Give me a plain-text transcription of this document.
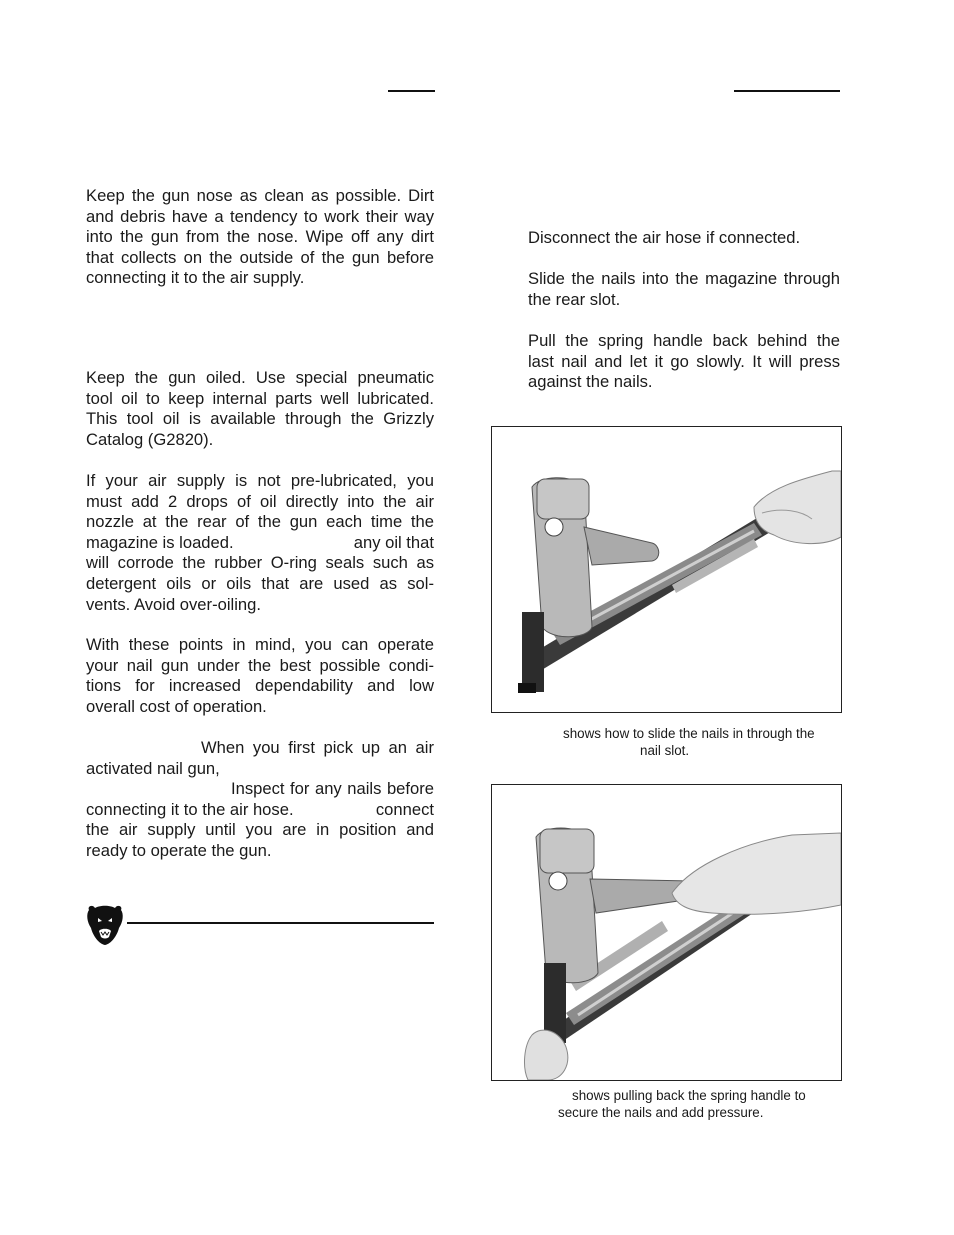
Keep the gun nose as clean as possible. Dirt
and debris have a tendency to work their way
into the gun from the nose. Wipe off any dirt
that collects on the outside of the gun before
connecting it to the air supply.
Keep the gun oiled. Use special pneumatic
tool oil to keep internal parts well lubricated.
This tool oil is available through the Grizzly
Catalog (G2820).
If your air supply is not pre-lubricated, you
must add 2 drops of oil directly into the air
nozzle at the rear of the gun each time the
magazine is loaded.	any oil that
will corrode the rubber O-ring seals such as
detergent oils or oils that are used as sol-
vents. Avoid over-oiling.
With these points in mind, you can operate
your nail gun under the best possible condi-
tions for increased dependability and low
overall cost of operation.
When you first pick up an air
activated nail gun,
Inspect for any nails before
connecting it to the air hose.	connect
the air supply until you are in position and
ready to operate the gun.
Disconnect the air hose if connected.
Slide the nails into the magazine through
the rear slot.
Pull the spring handle back behind the
last nail and let it go slowly. It will press
against the nails.
shows how to slide the nails in through the
nail slot.
shows pulling back the spring handle to
secure the nails and add pressure.
